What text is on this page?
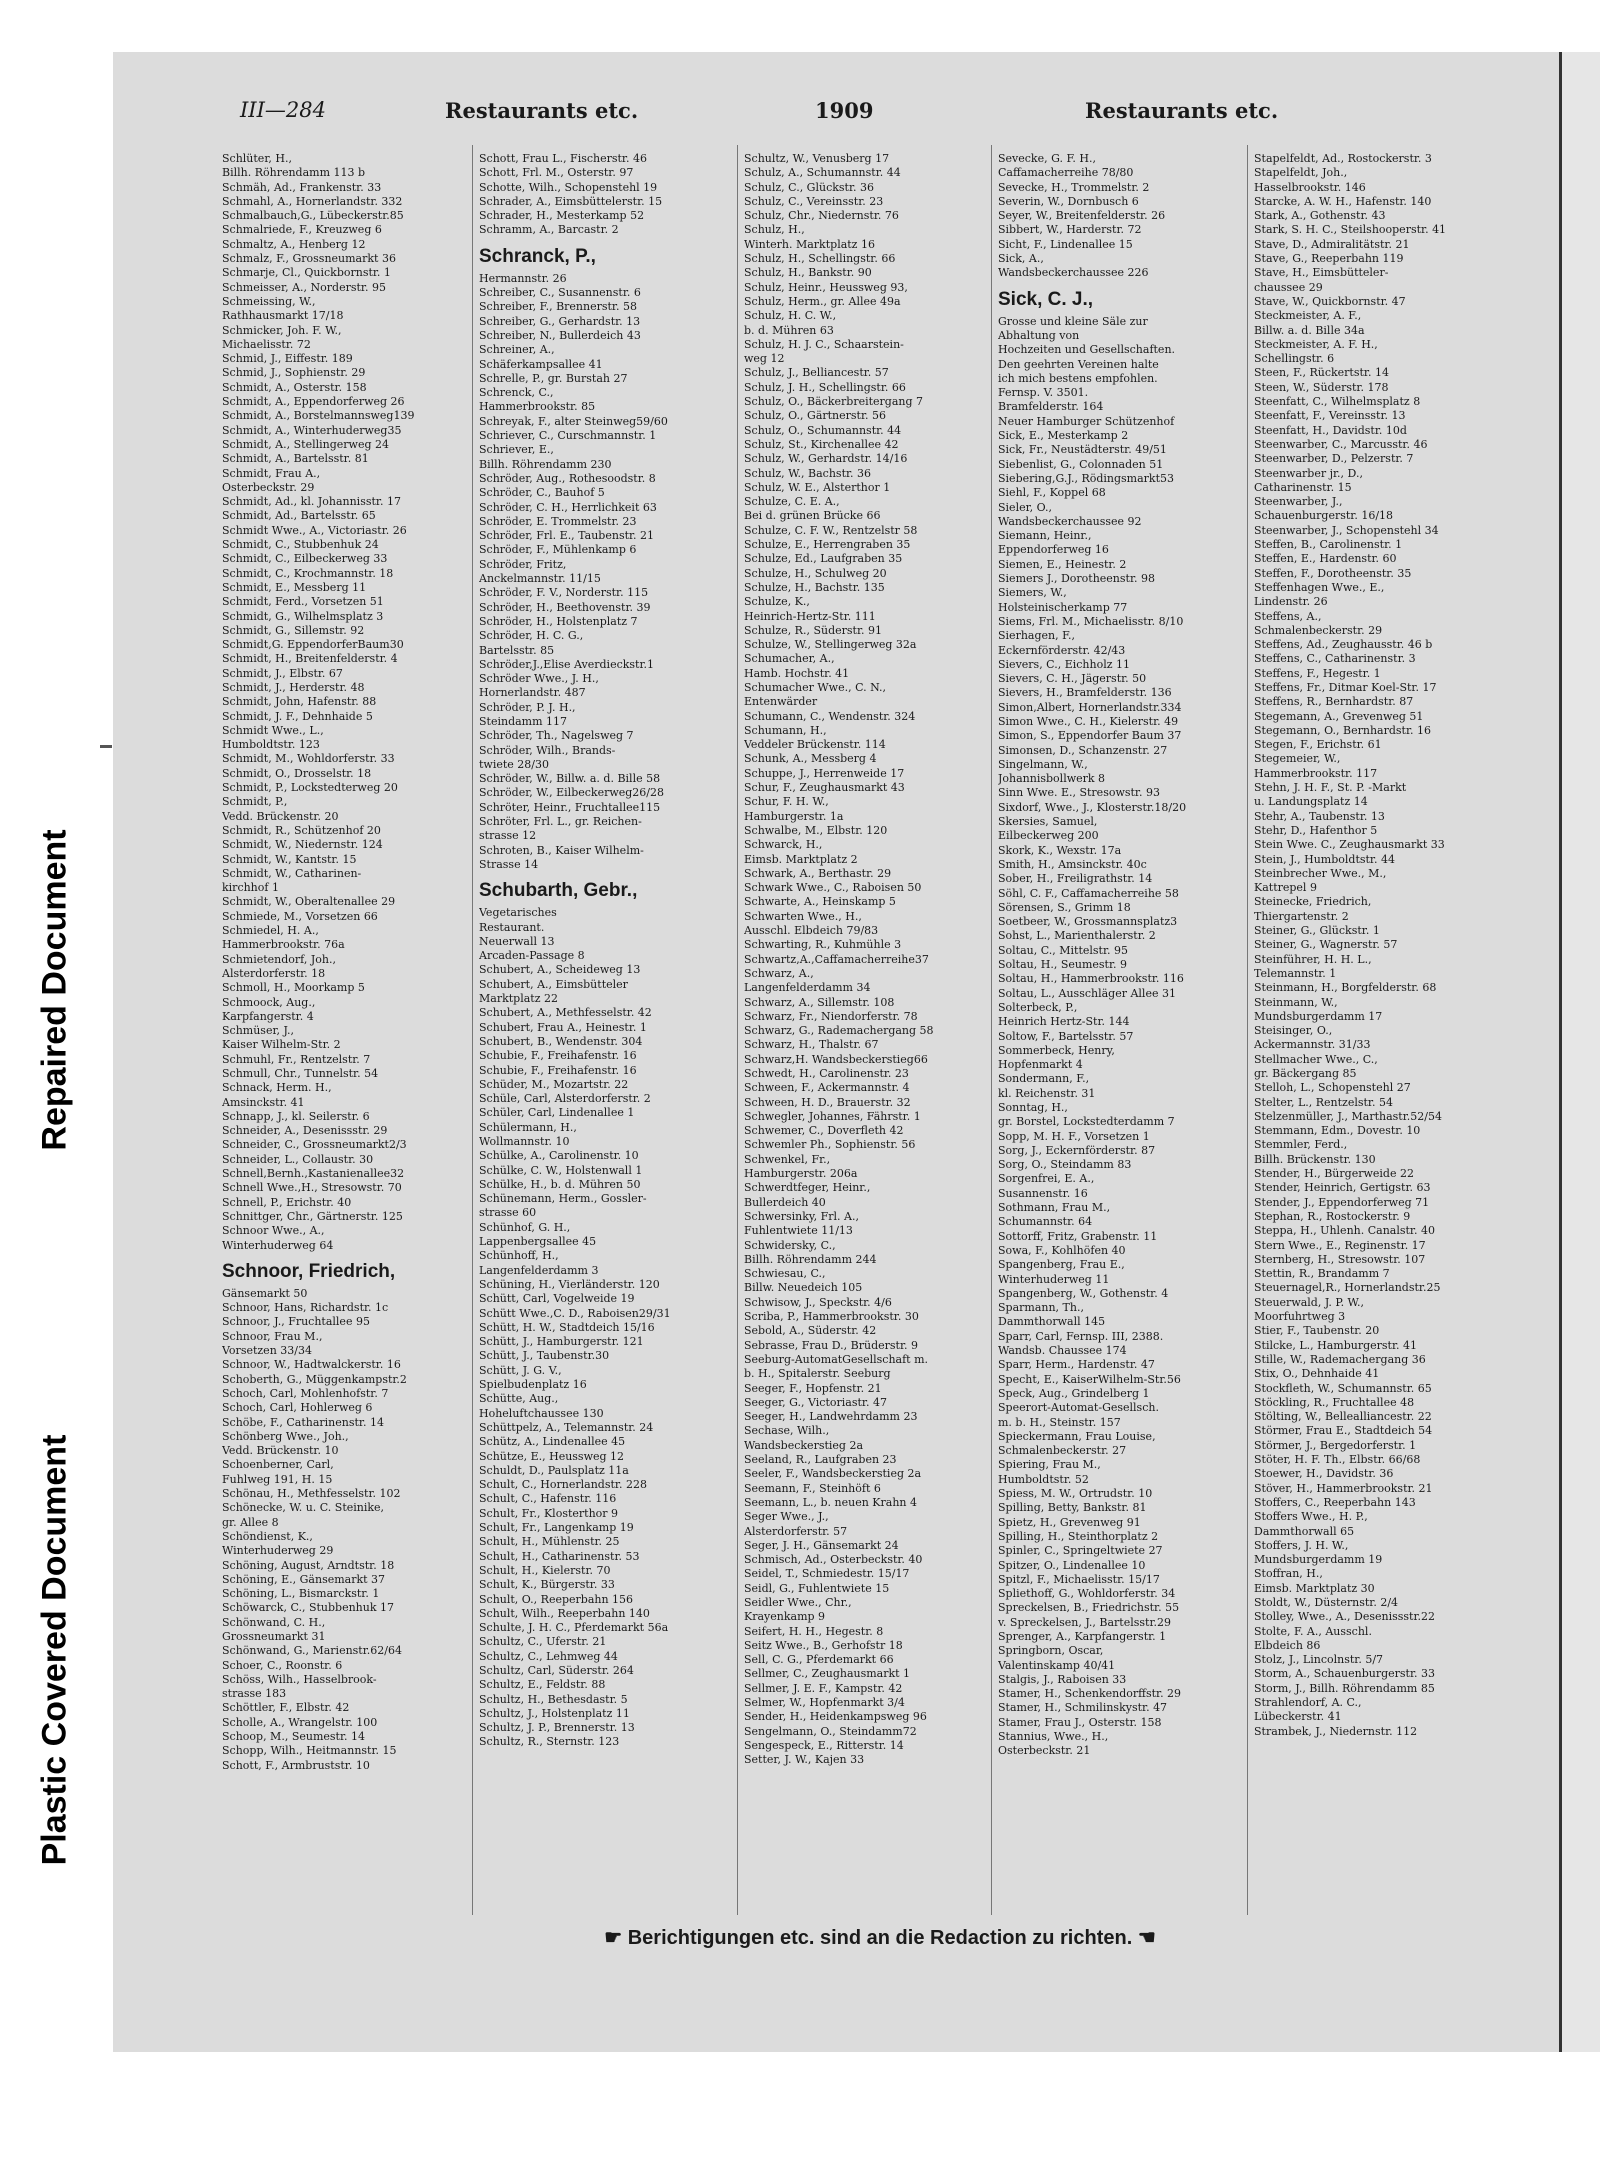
Repaired Document
Plastic Covered Document
III—284	Restaurants etc.	1909	Restaurants etc.
Schlüter, H.,
Billh. Röhrendamm 113 b
Schmäh, Ad., Frankenstr. 33
Schmahl, A., Hornerlandstr. 332
Schmalbauch,G., Lübeckerstr.85
Schmalriede, F., Kreuzweg 6
Schmaltz, A., Henberg 12
Schmalz, F., Grossneumarkt 36
Schmarje, Cl., Quickbornstr. 1
Schmeisser, A., Norderstr. 95
Schmeissing, W.,
Rathhausmarkt 17/18
Schmicker, Joh. F. W.,
Michaelisstr. 72
Schmid, J., Eiffestr. 189
Schmid, J., Sophienstr. 29
Schmidt, A., Osterstr. 158
Schmidt, A., Eppendorferweg 26
Schmidt, A., Borstelmannsweg139
Schmidt, A., Winterhuderweg35
Schmidt, A., Stellingerweg 24
Schmidt, A., Bartelsstr. 81
Schmidt, Frau A.,
Osterbeckstr. 29
Schmidt, Ad., kl. Johannisstr. 17
Schmidt, Ad., Bartelsstr. 65
Schmidt Wwe., A., Victoriastr. 26
Schmidt, C., Stubbenhuk 24
Schmidt, C., Eilbeckerweg 33
Schmidt, C., Krochmannstr. 18
Schmidt, E., Messberg 11
Schmidt, Ferd., Vorsetzen 51
Schmidt, G., Wilhelmsplatz 3
Schmidt, G., Sillemstr. 92
Schmidt,G. EppendorferBaum30
Schmidt, H., Breitenfelderstr. 4
Schmidt, J., Elbstr. 67
Schmidt, J., Herderstr. 48
Schmidt, John, Hafenstr. 88
Schmidt, J. F., Dehnhaide 5
Schmidt Wwe., L.,
Humboldtstr. 123
Schmidt, M., Wohldorferstr. 33
Schmidt, O., Drosselstr. 18
Schmidt, P., Lockstedterweg 20
Schmidt, P.,
Vedd. Brückenstr. 20
Schmidt, R., Schützenhof 20
Schmidt, W., Niedernstr. 124
Schmidt, W., Kantstr. 15
Schmidt, W., Catharinen-
kirchhof 1
Schmidt, W., Oberaltenallee 29
Schmiede, M., Vorsetzen 66
Schmiedel, H. A.,
Hammerbrookstr. 76a
Schmietendorf, Joh.,
Alsterdorferstr. 18
Schmoll, H., Moorkamp 5
Schmoock, Aug.,
Karpfangerstr. 4
Schmüser, J.,
Kaiser Wilhelm-Str. 2
Schmuhl, Fr., Rentzelstr. 7
Schmull, Chr., Tunnelstr. 54
Schnack, Herm. H.,
Amsinckstr. 41
Schnapp, J., kl. Seilerstr. 6
Schneider, A., Desenissstr. 29
Schneider, C., Grossneumarkt2/3
Schneider, L., Collaustr. 30
Schnell,Bernh.,Kastanienallee32
Schnell Wwe.,H., Stresowstr. 70
Schnell, P., Erichstr. 40
Schnittger, Chr., Gärtnerstr. 125
Schnoor Wwe., A.,
Winterhuderweg 64
Schnoor, Friedrich,
Gänsemarkt 50
Schnoor, Hans, Richardstr. 1c
Schnoor, J., Fruchtallee 95
Schnoor, Frau M.,
Vorsetzen 33/34
Schnoor, W., Hadtwalckerstr. 16
Schoberth, G., Müggenkampstr.2
Schoch, Carl, Mohlenhofstr. 7
Schoch, Carl, Hohlerweg 6
Schöbe, F., Catharinenstr. 14
Schönberg Wwe., Joh.,
Vedd. Brückenstr. 10
Schoenberner, Carl,
Fuhlweg 191, H. 15
Schönau, H., Methfesselstr. 102
Schönecke, W. u. C. Steinike,
gr. Allee 8
Schöndienst, K.,
Winterhuderweg 29
Schöning, August, Arndtstr. 18
Schöning, E., Gänsemarkt 37
Schöning, L., Bismarckstr. 1
Schöwarck, C., Stubbenhuk 17
Schönwand, C. H.,
Grossneumarkt 31
Schönwand, G., Marienstr.62/64
Schoer, C., Roonstr. 6
Schöss, Wilh., Hasselbrook-
strasse 183
Schöttler, F., Elbstr. 42
Scholle, A., Wrangelstr. 100
Schoop, M., Seumestr. 14
Schopp, Wilh., Heitmannstr. 15
Schott, F., Armbruststr. 10
Schott, Frau L., Fischerstr. 46
Schott, Frl. M., Osterstr. 97
Schotte, Wilh., Schopenstehl 19
Schrader, A., Eimsbüttelerstr. 15
Schrader, H., Mesterkamp 52
Schramm, A., Barcastr. 2
Schranck, P.,
Hermannstr. 26
Schreiber, C., Susannenstr. 6
Schreiber, F., Brennerstr. 58
Schreiber, G., Gerhardstr. 13
Schreiber, N., Bullerdeich 43
Schreiner, A.,
Schäferkampsallee 41
Schrelle, P., gr. Burstah 27
Schrenck, C.,
Hammerbrookstr. 85
Schreyak, F., alter Steinweg59/60
Schriever, C., Curschmannstr. 1
Schriever, E.,
Billh. Röhrendamm 230
Schröder, Aug., Rothesoodstr. 8
Schröder, C., Bauhof 5
Schröder, C. H., Herrlichkeit 63
Schröder, E. Trommelstr. 23
Schröder, Frl. E., Taubenstr. 21
Schröder, F., Mühlenkamp 6
Schröder, Fritz,
Anckelmannstr. 11/15
Schröder, F. V., Norderstr. 115
Schröder, H., Beethovenstr. 39
Schröder, H., Holstenplatz 7
Schröder, H. C. G.,
Bartelsstr. 85
Schröder,J.,Elise Averdieckstr.1
Schröder Wwe., J. H.,
Hornerlandstr. 487
Schröder, P. J. H.,
Steindamm 117
Schröder, Th., Nagelsweg 7
Schröder, Wilh., Brands-
twiete 28/30
Schröder, W., Billw. a. d. Bille 58
Schröder, W., Eilbeckerweg26/28
Schröter, Heinr., Fruchtallee115
Schröter, Frl. L., gr. Reichen-
strasse 12
Schroten, B., Kaiser Wilhelm-
Strasse 14
Schubarth, Gebr.,
Vegetarisches
Restaurant.
Neuerwall 13
Arcaden-Passage 8
Schubert, A., Scheideweg 13
Schubert, A., Eimsbütteler
Marktplatz 22
Schubert, A., Methfesselstr. 42
Schubert, Frau A., Heinestr. 1
Schubert, B., Wendenstr. 304
Schubie, F., Freihafenstr. 16
Schubie, F., Freihafenstr. 16
Schüder, M., Mozartstr. 22
Schüle, Carl, Alsterdorferstr. 2
Schüler, Carl, Lindenallee 1
Schülermann, H.,
Wollmannstr. 10
Schülke, A., Carolinenstr. 10
Schülke, C. W., Holstenwall 1
Schülke, H., b. d. Mühren 50
Schünemann, Herm., Gossler-
strasse 60
Schünhof, G. H.,
Lappenbergsallee 45
Schünhoff, H.,
Langenfelderdamm 3
Schüning, H., Vierländerstr. 120
Schütt, Carl, Vogelweide 19
Schütt Wwe.,C. D., Raboisen29/31
Schütt, H. W., Stadtdeich 15/16
Schütt, J., Hamburgerstr. 121
Schütt, J., Taubenstr.30
Schütt, J. G. V.,
Spielbudenplatz 16
Schütte, Aug.,
Hoheluftchaussee 130
Schüttpelz, A., Telemannstr. 24
Schütz, A., Lindenallee 45
Schütze, E., Heussweg 12
Schuldt, D., Paulsplatz 11a
Schult, C., Hornerlandstr. 228
Schult, C., Hafenstr. 116
Schult, Fr., Klosterthor 9
Schult, Fr., Langenkamp 19
Schult, H., Mühlenstr. 25
Schult, H., Catharinenstr. 53
Schult, H., Kielerstr. 70
Schult, K., Bürgerstr. 33
Schult, O., Reeperbahn 156
Schult, Wilh., Reeperbahn 140
Schulte, J. H. C., Pferdemarkt 56a
Schultz, C., Uferstr. 21
Schultz, C., Lehmweg 44
Schultz, Carl, Süderstr. 264
Schultz, E., Feldstr. 88
Schultz, H., Bethesdastr. 5
Schultz, J., Holstenplatz 11
Schultz, J. P., Brennerstr. 13
Schultz, R., Sternstr. 123
Schultz, W., Venusberg 17
Schulz, A., Schumannstr. 44
Schulz, C., Glückstr. 36
Schulz, C., Vereinsstr. 23
Schulz, Chr., Niedernstr. 76
Schulz, H.,
Winterh. Marktplatz 16
Schulz, H., Schellingstr. 66
Schulz, H., Bankstr. 90
Schulz, Heinr., Heussweg 93,
Schulz, Herm., gr. Allee 49a
Schulz, H. C. W.,
b. d. Mühren 63
Schulz, H. J. C., Schaarstein-
weg 12
Schulz, J., Belliancestr. 57
Schulz, J. H., Schellingstr. 66
Schulz, O., Bäckerbreitergang 7
Schulz, O., Gärtnerstr. 56
Schulz, O., Schumannstr. 44
Schulz, St., Kirchenallee 42
Schulz, W., Gerhardstr. 14/16
Schulz, W., Bachstr. 36
Schulz, W. E., Alsterthor 1
Schulze, C. E. A.,
Bei d. grünen Brücke 66
Schulze, C. F. W., Rentzelstr 58
Schulze, E., Herrengraben 35
Schulze, Ed., Laufgraben 35
Schulze, H., Schulweg 20
Schulze, H., Bachstr. 135
Schulze, K.,
Heinrich-Hertz-Str. 111
Schulze, R., Süderstr. 91
Schulze, W., Stellingerweg 32a
Schumacher, A.,
Hamb. Hochstr. 41
Schumacher Wwe., C. N.,
Entenwärder
Schumann, C., Wendenstr. 324
Schumann, H.,
Veddeler Brückenstr. 114
Schunk, A., Messberg 4
Schuppe, J., Herrenweide 17
Schur, F., Zeughausmarkt 43
Schur, F. H. W.,
Hamburgerstr. 1a
Schwalbe, M., Elbstr. 120
Schwarck, H.,
Eimsb. Marktplatz 2
Schwark, A., Berthastr. 29
Schwark Wwe., C., Raboisen 50
Schwarte, A., Heinskamp 5
Schwarten Wwe., H.,
Ausschl. Elbdeich 79/83
Schwarting, R., Kuhmühle 3
Schwartz,A.,Caffamacherreihe37
Schwarz, A.,
Langenfelderdamm 34
Schwarz, A., Sillemstr. 108
Schwarz, Fr., Niendorferstr. 78
Schwarz, G., Rademachergang 58
Schwarz, H., Thalstr. 67
Schwarz,H. Wandsbeckerstieg66
Schwedt, H., Carolinenstr. 23
Schween, F., Ackermannstr. 4
Schween, H. D., Brauerstr. 32
Schwegler, Johannes, Fährstr. 1
Schwemer, C., Doverfleth 42
Schwemler Ph., Sophienstr. 56
Schwenkel, Fr.,
Hamburgerstr. 206a
Schwerdtfeger, Heinr.,
Bullerdeich 40
Schwersinky, Frl. A.,
Fuhlentwiete 11/13
Schwidersky, C.,
Billh. Röhrendamm 244
Schwiesau, C.,
Billw. Neuedeich 105
Schwisow, J., Speckstr. 4/6
Scriba, P., Hammerbrookstr. 30
Sebold, A., Süderstr. 42
Sebrasse, Frau D., Brüderstr. 9
Seeburg-AutomatGesellschaft m.
b. H., Spitalerstr. Seeburg
Seeger, F., Hopfenstr. 21
Seeger, G., Victoriastr. 47
Seeger, H., Landwehrdamm 23
Sechase, Wilh.,
Wandsbeckerstieg 2a
Seeland, R., Laufgraben 23
Seeler, F., Wandsbeckerstieg 2a
Seemann, F., Steinhöft 6
Seemann, L., b. neuen Krahn 4
Seger Wwe., J.,
Alsterdorferstr. 57
Seger, J. H., Gänsemarkt 24
Schmisch, Ad., Osterbeckstr. 40
Seidel, T., Schmiedestr. 15/17
Seidl, G., Fuhlentwiete 15
Seidler Wwe., Chr.,
Krayenkamp 9
Seifert, H. H., Hegestr. 8
Seitz Wwe., B., Gerhofstr 18
Sell, C. G., Pferdemarkt 66
Sellmer, C., Zeughausmarkt 1
Sellmer, J. E. F., Kampstr. 42
Selmer, W., Hopfenmarkt 3/4
Sender, H., Heidenkampsweg 96
Sengelmann, O., Steindamm72
Sengespeck, E., Ritterstr. 14
Setter, J. W., Kajen 33
Sevecke, G. F. H.,
Caffamacherreihe 78/80
Sevecke, H., Trommelstr. 2
Severin, W., Dornbusch 6
Seyer, W., Breitenfelderstr. 26
Sibbert, W., Harderstr. 72
Sicht, F., Lindenallee 15
Sick, A.,
Wandsbeckerchaussee 226
Sick, C. J.,
Grosse und kleine Säle zur
Abhaltung von
Hochzeiten und Gesellschaften.
Den geehrten Vereinen halte
ich mich bestens empfohlen.
Fernsp. V. 3501.
Bramfelderstr. 164
Neuer Hamburger Schützenhof
Sick, E., Mesterkamp 2
Sick, Fr., Neustädterstr. 49/51
Siebenlist, G., Colonnaden 51
Siebering,G.J., Rödingsmarkt53
Siehl, F., Koppel 68
Sieler, O.,
Wandsbeckerchaussee 92
Siemann, Heinr.,
Eppendorferweg 16
Siemen, E., Heinestr. 2
Siemers J., Dorotheenstr. 98
Siemers, W.,
Holsteinischerkamp 77
Siems, Frl. M., Michaelisstr. 8/10
Sierhagen, F.,
Eckernförderstr. 42/43
Sievers, C., Eichholz 11
Sievers, C. H., Jägerstr. 50
Sievers, H., Bramfelderstr. 136
Simon,Albert, Hornerlandstr.334
Simon Wwe., C. H., Kielerstr. 49
Simon, S., Eppendorfer Baum 37
Simonsen, D., Schanzenstr. 27
Singelmann, W.,
Johannisbollwerk 8
Sinn Wwe. E., Stresowstr. 93
Sixdorf, Wwe., J., Klosterstr.18/20
Skersies, Samuel,
Eilbeckerweg 200
Skork, K., Wexstr. 17a
Smith, H., Amsinckstr. 40c
Sober, H., Freiligrathstr. 14
Söhl, C. F., Caffamacherreihe 58
Sörensen, S., Grimm 18
Soetbeer, W., Grossmannsplatz3
Sohst, L., Marienthalerstr. 2
Soltau, C., Mittelstr. 95
Soltau, H., Seumestr. 9
Soltau, H., Hammerbrookstr. 116
Soltau, L., Ausschläger Allee 31
Solterbeck, P.,
Heinrich Hertz-Str. 144
Soltow, F., Bartelsstr. 57
Sommerbeck, Henry,
Hopfenmarkt 4
Sondermann, F.,
kl. Reichenstr. 31
Sonntag, H.,
gr. Borstel, Lockstedterdamm 7
Sopp, M. H. F., Vorsetzen 1
Sorg, J., Eckernförderstr. 87
Sorg, O., Steindamm 83
Sorgenfrei, E. A.,
Susannenstr. 16
Sothmann, Frau M.,
Schumannstr. 64
Sottorff, Fritz, Grabenstr. 11
Sowa, F., Kohlhöfen 40
Spangenberg, Frau E.,
Winterhuderweg 11
Spangenberg, W., Gothenstr. 4
Sparmann, Th.,
Dammthorwall 145
Sparr, Carl, Fernsp. III, 2388.
Wandsb. Chaussee 174
Sparr, Herm., Hardenstr. 47
Specht, E., KaiserWilhelm-Str.56
Speck, Aug., Grindelberg 1
Speerort-Automat-Gesellsch.
m. b. H., Steinstr. 157
Spieckermann, Frau Louise,
Schmalenbeckerstr. 27
Spiering, Frau M.,
Humboldtstr. 52
Spiess, M. W., Ortrudstr. 10
Spilling, Betty, Bankstr. 81
Spietz, H., Grevenweg 91
Spilling, H., Steinthorplatz 2
Spinler, C., Springeltwiete 27
Spitzer, O., Lindenallee 10
Spitzl, F., Michaelisstr. 15/17
Spliethoff, G., Wohldorferstr. 34
Spreckelsen, B., Friedrichstr. 55
v. Spreckelsen, J., Bartelsstr.29
Sprenger, A., Karpfangerstr. 1
Springborn, Oscar,
Valentinskamp 40/41
Stalgis, J., Raboisen 33
Stamer, H., Schenkendorffstr. 29
Stamer, H., Schmilinskystr. 47
Stamer, Frau J., Osterstr. 158
Stannius, Wwe., H.,
Osterbeckstr. 21
Stapelfeldt, Ad., Rostockerstr. 3
Stapelfeldt, Joh.,
Hasselbrookstr. 146
Starcke, A. W. H., Hafenstr. 140
Stark, A., Gothenstr. 43
Stark, S. H. C., Steilshooperstr. 41
Stave, D., Admiralitätstr. 21
Stave, G., Reeperbahn 119
Stave, H., Eimsbütteler-
chaussee 29
Stave, W., Quickbornstr. 47
Steckmeister, A. F.,
Billw. a. d. Bille 34a
Steckmeister, A. F. H.,
Schellingstr. 6
Steen, F., Rückertstr. 14
Steen, W., Süderstr. 178
Steenfatt, C., Wilhelmsplatz 8
Steenfatt, F., Vereinsstr. 13
Steenfatt, H., Davidstr. 10d
Steenwarber, C., Marcusstr. 46
Steenwarber, D., Pelzerstr. 7
Steenwarber jr., D.,
Catharinenstr. 15
Steenwarber, J.,
Schauenburgerstr. 16/18
Steenwarber, J., Schopenstehl 34
Steffen, B., Carolinenstr. 1
Steffen, E., Hardenstr. 60
Steffen, F., Dorotheenstr. 35
Steffenhagen Wwe., E.,
Lindenstr. 26
Steffens, A.,
Schmalenbeckerstr. 29
Steffens, Ad., Zeughausstr. 46 b
Steffens, C., Catharinenstr. 3
Steffens, F., Hegestr. 1
Steffens, Fr., Ditmar Koel-Str. 17
Steffens, R., Bernhardstr. 87
Stegemann, A., Grevenweg 51
Stegemann, O., Bernhardstr. 16
Stegen, F., Erichstr. 61
Stegemeier, W.,
Hammerbrookstr. 117
Stehn, J. H. F., St. P. -Markt
u. Landungsplatz 14
Stehr, A., Taubenstr. 13
Stehr, D., Hafenthor 5
Stein Wwe. C., Zeughausmarkt 33
Stein, J., Humboldtstr. 44
Steinbrecher Wwe., M.,
Kattrepel 9
Steinecke, Friedrich,
Thiergartenstr. 2
Steiner, G., Glückstr. 1
Steiner, G., Wagnerstr. 57
Steinführer, H. H. L.,
Telemannstr. 1
Steinmann, H., Borgfelderstr. 68
Steinmann, W.,
Mundsburgerdamm 17
Steisinger, O.,
Ackermannstr. 31/33
Stellmacher Wwe., C.,
gr. Bäckergang 85
Stelloh, L., Schopenstehl 27
Stelter, L., Rentzelstr. 54
Stelzenmüller, J., Marthastr.52/54
Stemmann, Edm., Dovestr. 10
Stemmler, Ferd.,
Billh. Brückenstr. 130
Stender, H., Bürgerweide 22
Stender, Heinrich, Gertigstr. 63
Stender, J., Eppendorferweg 71
Stephan, R., Rostockerstr. 9
Steppa, H., Uhlenh. Canalstr. 40
Stern Wwe., E., Reginenstr. 17
Sternberg, H., Stresowstr. 107
Stettin, R., Brandamm 7
Steuernagel,R., Hornerlandstr.25
Steuerwald, J. P. W.,
Moorfuhrtweg 3
Stier, F., Taubenstr. 20
Stilcke, L., Hamburgerstr. 41
Stille, W., Rademachergang 36
Stix, O., Dehnhaide 41
Stockfleth, W., Schumannstr. 65
Stöckling, R., Fruchtallee 48
Stölting, W., Bellealliancestr. 22
Störmer, Frau E., Stadtdeich 54
Störmer, J., Bergedorferstr. 1
Stöter, H. F. Th., Elbstr. 66/68
Stoewer, H., Davidstr. 36
Stöver, H., Hammerbrookstr. 21
Stoffers, C., Reeperbahn 143
Stoffers Wwe., H. P.,
Dammthorwall 65
Stoffers, J. H. W.,
Mundsburgerdamm 19
Stoffran, H.,
Eimsb. Marktplatz 30
Stoldt, W., Düsternstr. 2/4
Stolley, Wwe., A., Desenissstr.22
Stolte, F. A., Ausschl.
Elbdeich 86
Stolz, J., Lincolnstr. 5/7
Storm, A., Schauenburgerstr. 33
Storm, J., Billh. Röhrendamm 85
Strahlendorf, A. C.,
Lübeckerstr. 41
Strambek, J., Niedernstr. 112
☛ Berichtigungen etc. sind an die Redaction zu richten. ☚
